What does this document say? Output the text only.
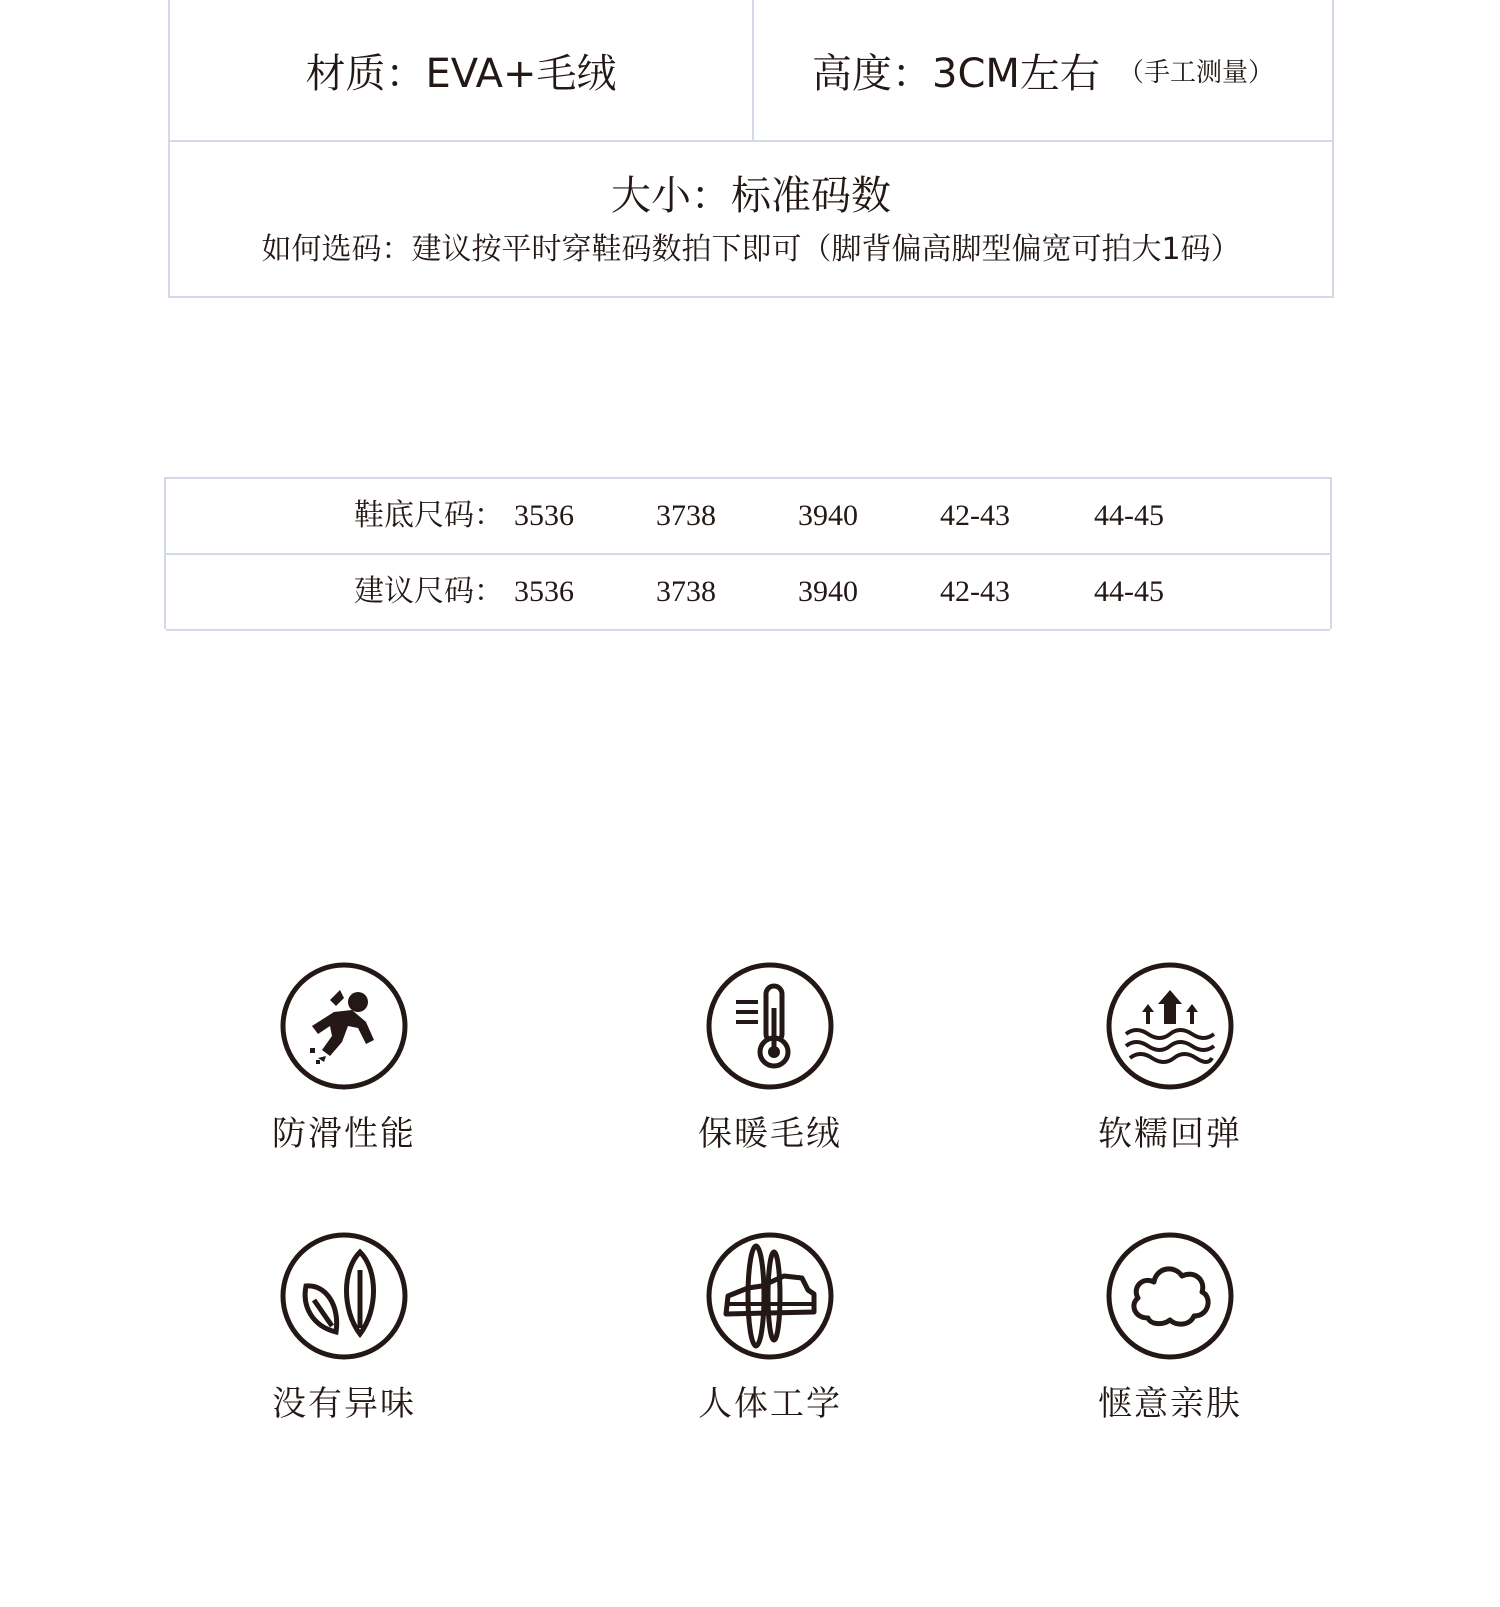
材质：EVA+毛绒	高度：3CM左右 （手工测量）
大小：标准码数
如何选码：建议按平时穿鞋码数拍下即可（脚背偏高脚型偏宽可拍大1码）
鞋底尺码： 3536	3738	3940	42-43	44-45
建议尺码： 3536	3738	3940	42-43	44-45
防滑性能	保暖毛绒	软糯回弹
没有异味	人体工学	惬意亲肤
